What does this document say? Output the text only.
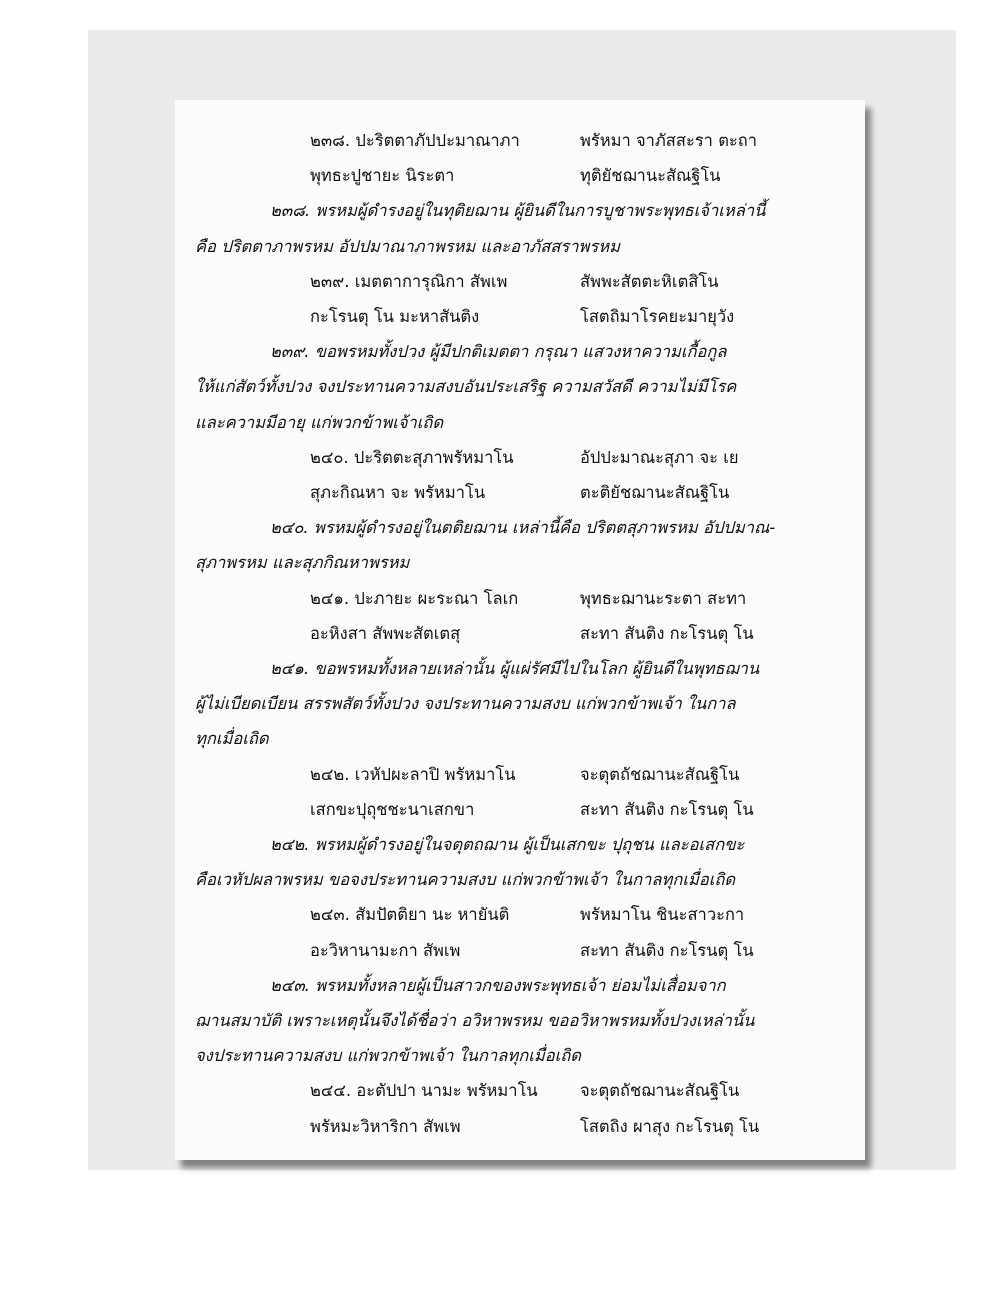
๒๓๘. ปะริตตาภัปปะมาณาภา	พรัหมา จาภัสสะรา ตะถา
พุทธะปูชายะ นิระตา	ทุติยัชฌานะสัณฐิโน
๒๓๘. พรหมผู้ดำรงอยู่ในทุติยฌาน ผู้ยินดีในการบูชาพระพุทธเจ้าเหล่านี้
คือ ปริตตาภาพรหม อัปปมาณาภาพรหม และอาภัสสราพรหม
๒๓๙. เมตตาการุณิกา สัพเพ	สัพพะสัตตะหิเตสิโน
กะโรนตุ โน มะหาสันติง	โสตถิมาโรคยะมายุวัง
๒๓๙. ขอพรหมทั้งปวง ผู้มีปกติเมตตา กรุณา แสวงหาความเกื้อกูล
ให้แก่สัตว์ทั้งปวง จงประทานความสงบอันประเสริฐ ความสวัสดี ความไม่มีโรค
และความมีอายุ แก่พวกข้าพเจ้าเถิด
๒๔๐. ปะริตตะสุภาพรัหมาโน	อัปปะมาณะสุภา จะ เย
สุภะกิณหา จะ พรัหมาโน	ตะติยัชฌานะสัณฐิโน
๒๔๐. พรหมผู้ดำรงอยู่ในตติยฌาน เหล่านี้คือ ปริตตสุภาพรหม อัปปมาณ-
สุภาพรหม และสุภกิณหาพรหม
๒๔๑. ปะภายะ ผะระณา โลเก	พุทธะฌานะระตา สะทา
อะหิงสา สัพพะสัตเตสุ	สะทา สันติง กะโรนตุ โน
๒๔๑. ขอพรหมทั้งหลายเหล่านั้น ผู้แผ่รัศมีไปในโลก ผู้ยินดีในพุทธฌาน
ผู้ไม่เบียดเบียน สรรพสัตว์ทั้งปวง จงประทานความสงบ แก่พวกข้าพเจ้า ในกาล
ทุกเมื่อเถิด
๒๔๒. เวหัปผะลาปิ พรัหมาโน	จะตุตถัชฌานะสัณฐิโน
เสกขะปุถุชชะนาเสกขา	สะทา สันติง กะโรนตุ โน
๒๔๒. พรหมผู้ดำรงอยู่ในจตุตถฌาน ผู้เป็นเสกขะ ปุถุชน และอเสกขะ
คือเวหัปผลาพรหม ขอจงประทานความสงบ แก่พวกข้าพเจ้า ในกาลทุกเมื่อเถิด
๒๔๓. สัมปัตติยา นะ หายันติ	พรัหมาโน ชินะสาวะกา
อะวิหานามะกา สัพเพ	สะทา สันติง กะโรนตุ โน
๒๔๓. พรหมทั้งหลายผู้เป็นสาวกของพระพุทธเจ้า ย่อมไม่เสื่อมจาก
ฌานสมาบัติ เพราะเหตุนั้นจึงได้ชื่อว่า อวิหาพรหม ขออวิหาพรหมทั้งปวงเหล่านั้น
จงประทานความสงบ แก่พวกข้าพเจ้า ในกาลทุกเมื่อเถิด
๒๔๔. อะตัปปา นามะ พรัหมาโน	จะตุตถัชฌานะสัณฐิโน
พรัหมะวิหาริกา สัพเพ	โสตถิง ผาสุง กะโรนตุ โน
